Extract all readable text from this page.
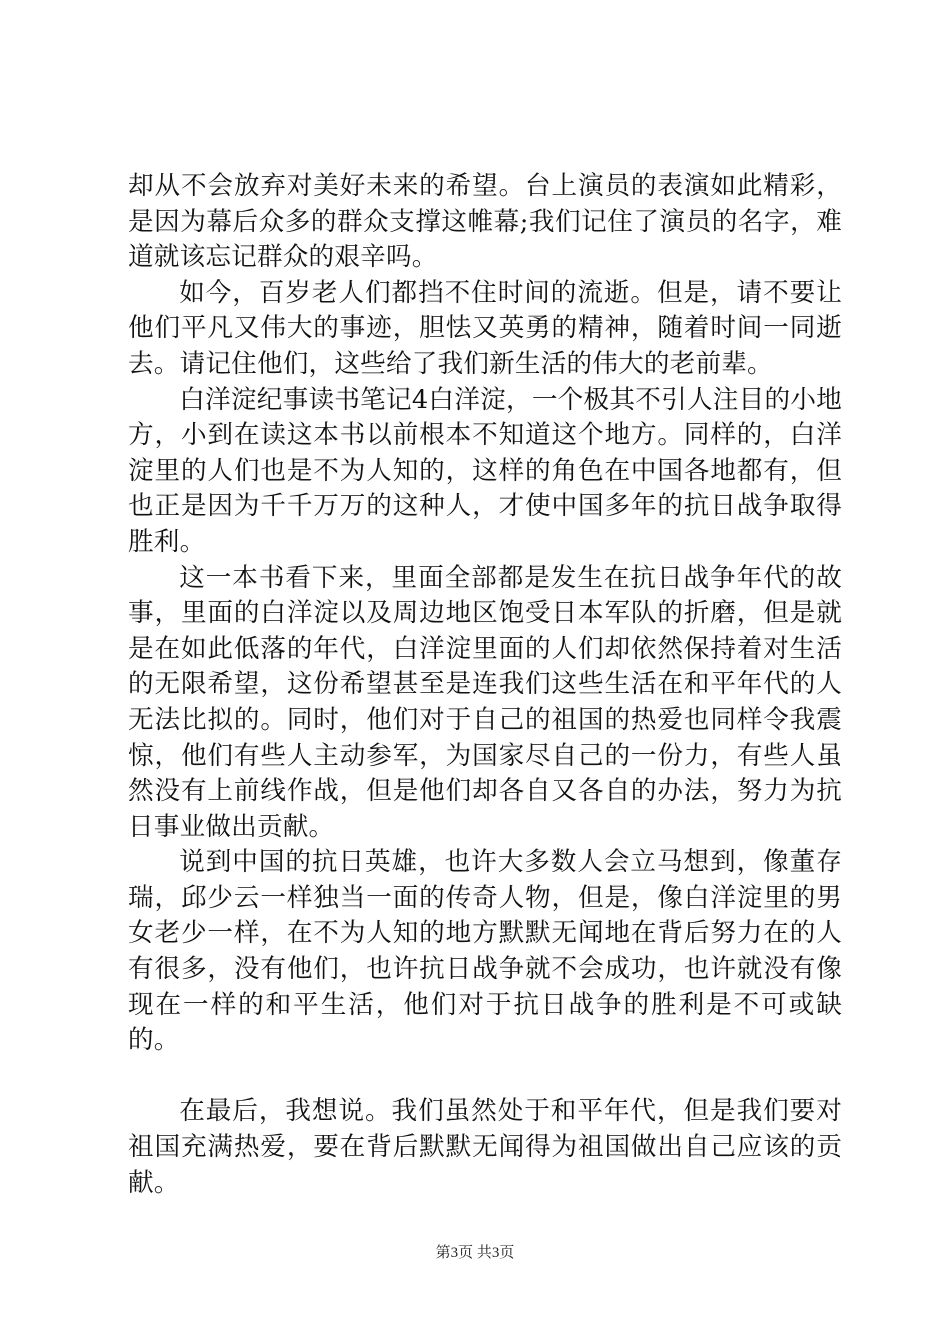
却从不会放弃对美好未来的希望。台上演员的表演如此精彩，是因为幕后众多的群众支撑这帷幕;我们记住了演员的名字，难道就该忘记群众的艰辛吗。

如今，百岁老人们都挡不住时间的流逝。但是，请不要让他们平凡又伟大的事迹，胆怯又英勇的精神，随着时间一同逝去。请记住他们，这些给了我们新生活的伟大的老前辈。

白洋淀纪事读书笔记4白洋淀，一个极其不引人注目的小地方，小到在读这本书以前根本不知道这个地方。同样的，白洋淀里的人们也是不为人知的，这样的角色在中国各地都有，但也正是因为千千万万的这种人，才使中国多年的抗日战争取得胜利。

这一本书看下来，里面全部都是发生在抗日战争年代的故事，里面的白洋淀以及周边地区饱受日本军队的折磨，但是就是在如此低落的年代，白洋淀里面的人们却依然保持着对生活的无限希望，这份希望甚至是连我们这些生活在和平年代的人无法比拟的。同时，他们对于自己的祖国的热爱也同样令我震惊，他们有些人主动参军，为国家尽自己的一份力，有些人虽然没有上前线作战，但是他们却各自又各自的办法，努力为抗日事业做出贡献。

说到中国的抗日英雄，也许大多数人会立马想到，像董存瑞，邱少云一样独当一面的传奇人物，但是，像白洋淀里的男女老少一样，在不为人知的地方默默无闻地在背后努力在的人有很多，没有他们，也许抗日战争就不会成功，也许就没有像现在一样的和平生活，他们对于抗日战争的胜利是不可或缺的。

在最后，我想说。我们虽然处于和平年代，但是我们要对祖国充满热爱，要在背后默默无闻得为祖国做出自己应该的贡献。

第3页 共3页
